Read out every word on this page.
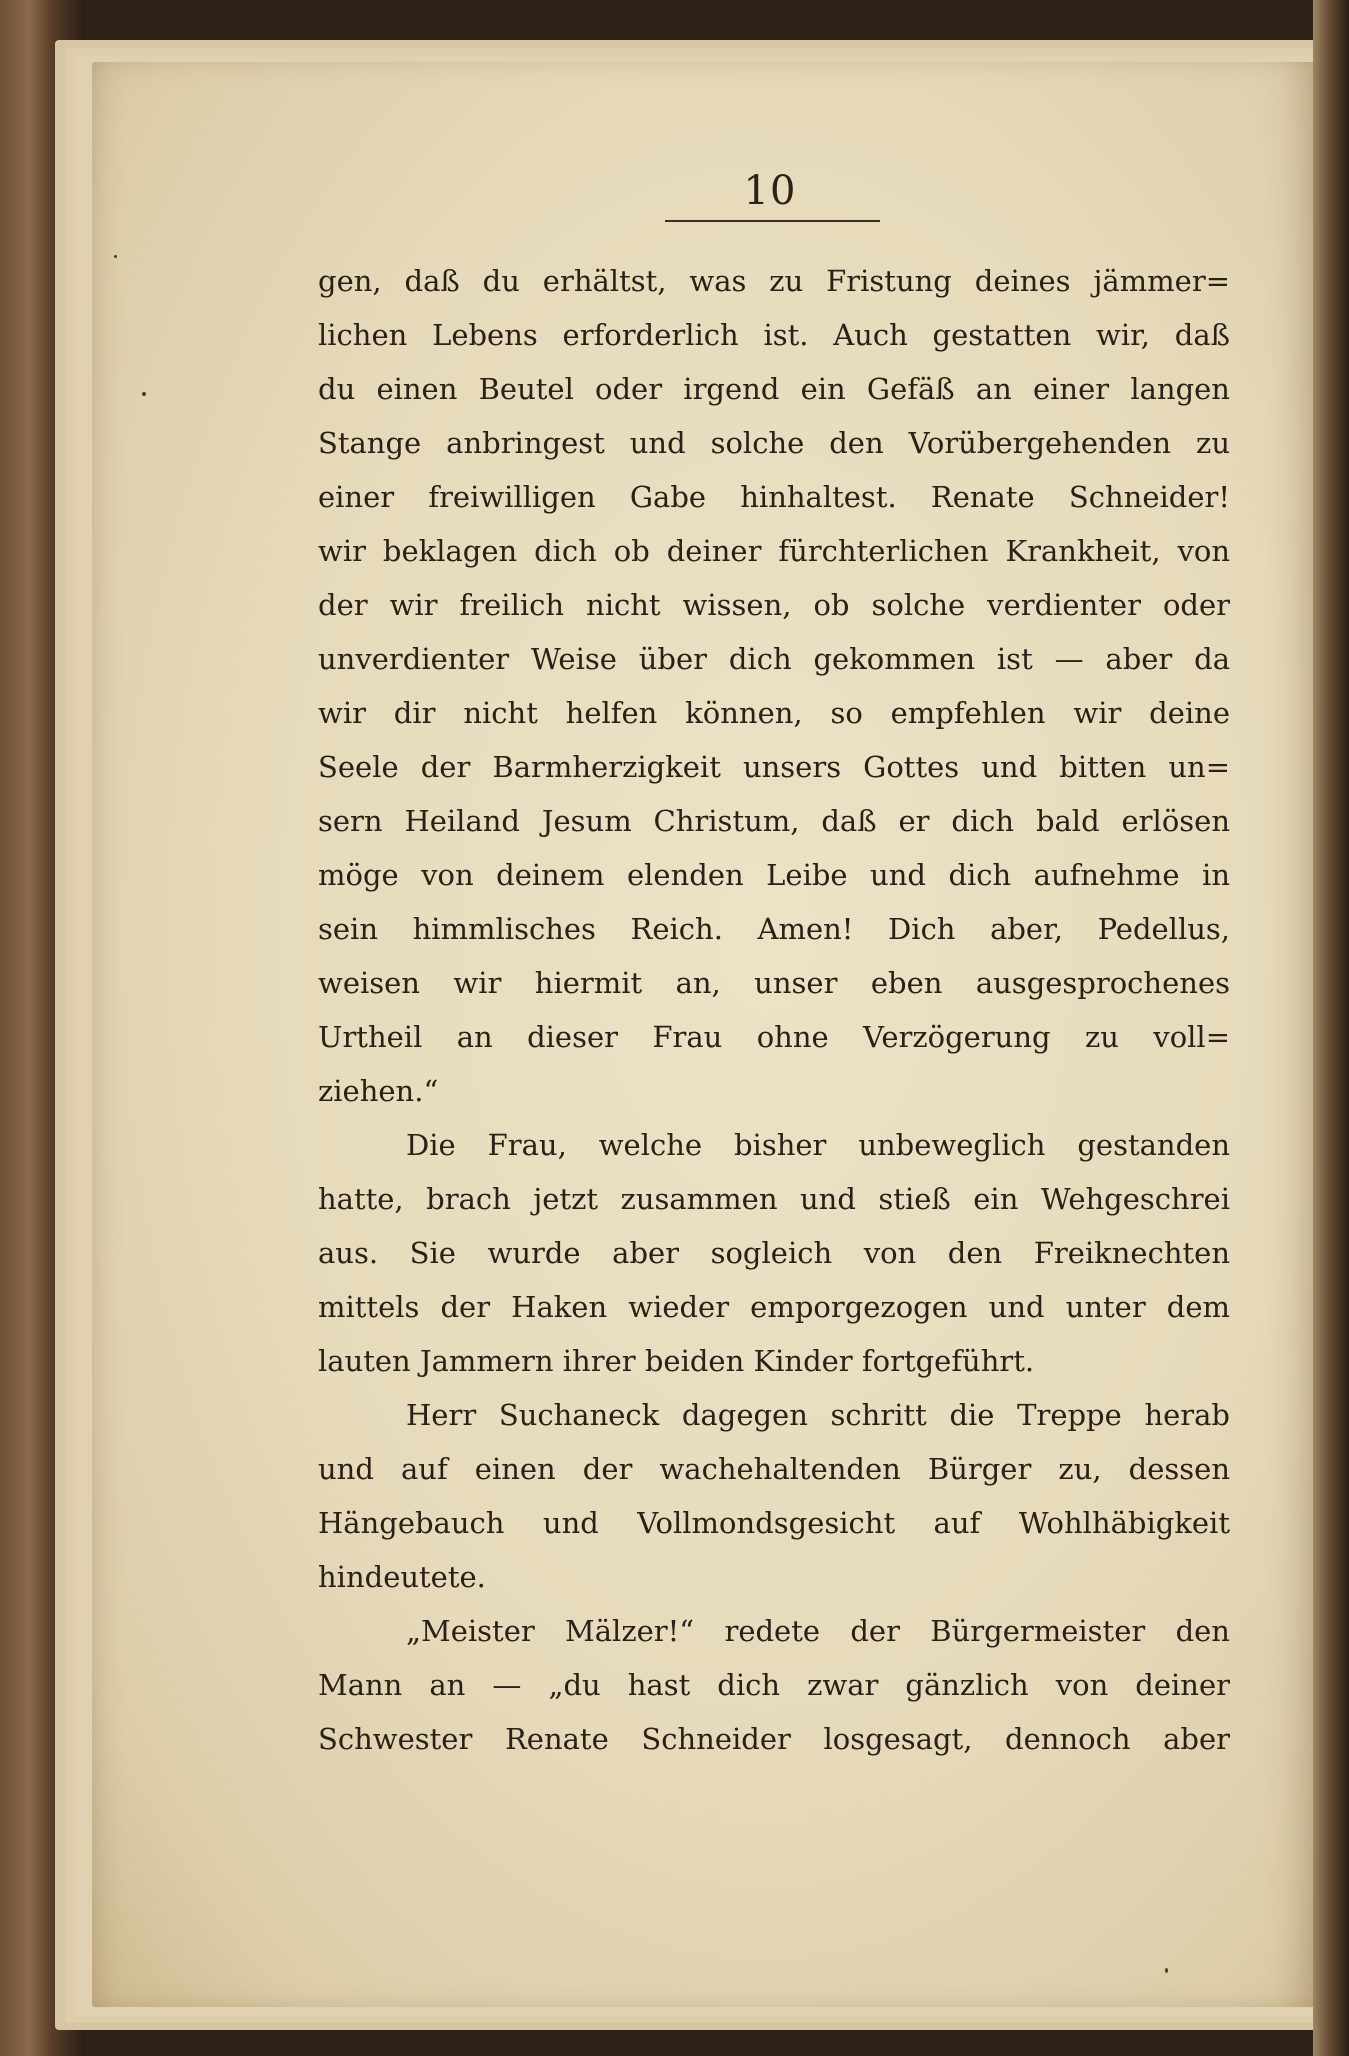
10
gen, daß du erhältst, was zu Fristung deines jämmer=
lichen Lebens erforderlich ist. Auch gestatten wir, daß
du einen Beutel oder irgend ein Gefäß an einer langen
Stange anbringest und solche den Vorübergehenden zu
einer freiwilligen Gabe hinhaltest. Renate Schneider!
wir beklagen dich ob deiner fürchterlichen Krankheit, von
der wir freilich nicht wissen, ob solche verdienter oder
unverdienter Weise über dich gekommen ist — aber da
wir dir nicht helfen können, so empfehlen wir deine
Seele der Barmherzigkeit unsers Gottes und bitten un=
sern Heiland Jesum Christum, daß er dich bald erlösen
möge von deinem elenden Leibe und dich aufnehme in
sein himmlisches Reich. Amen! Dich aber, Pedellus,
weisen wir hiermit an, unser eben ausgesprochenes
Urtheil an dieser Frau ohne Verzögerung zu voll=
ziehen.“
Die Frau, welche bisher unbeweglich gestanden
hatte, brach jetzt zusammen und stieß ein Wehgeschrei
aus. Sie wurde aber sogleich von den Freiknechten
mittels der Haken wieder emporgezogen und unter dem
lauten Jammern ihrer beiden Kinder fortgeführt.
Herr Suchaneck dagegen schritt die Treppe herab
und auf einen der wachehaltenden Bürger zu, dessen
Hängebauch und Vollmondsgesicht auf Wohlhäbigkeit
hindeutete.
„Meister Mälzer!“ redete der Bürgermeister den
Mann an — „du hast dich zwar gänzlich von deiner
Schwester Renate Schneider losgesagt, dennoch aber
